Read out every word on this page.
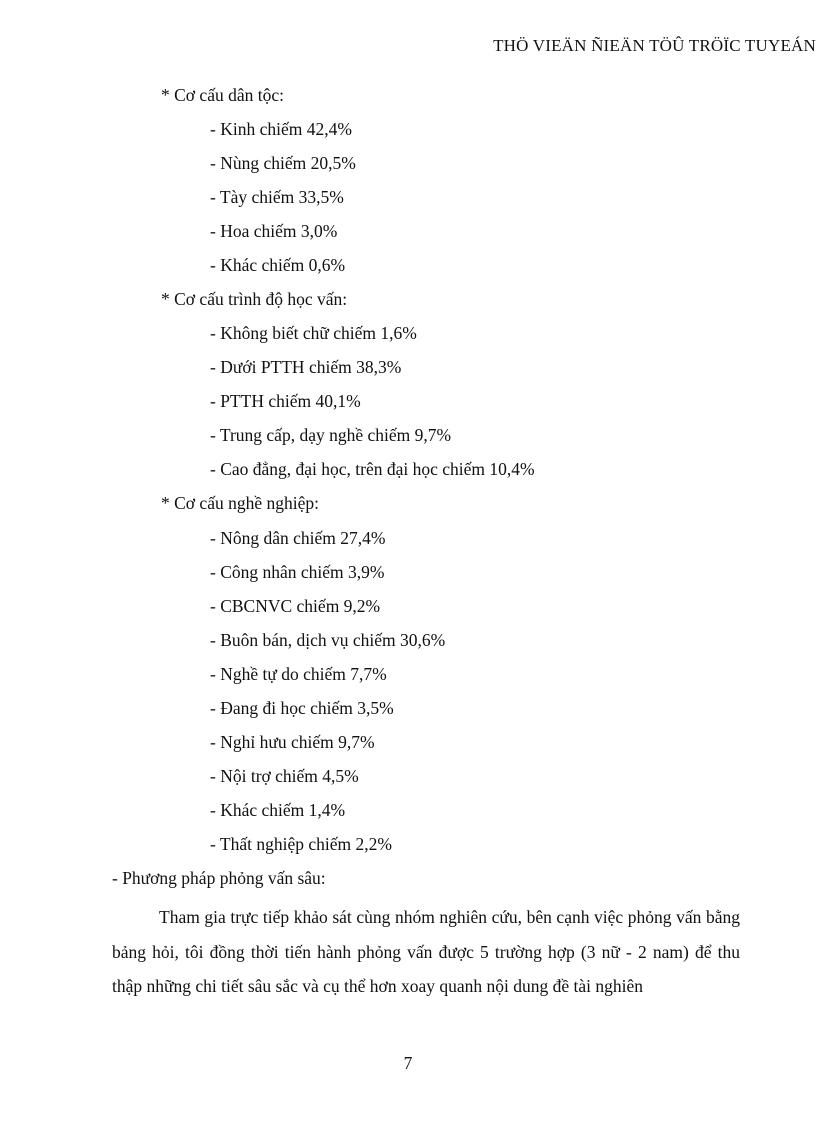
THÖ VIEÄN ÑIEÄN TÖÛ TRÖÏC TUYEÁN
* Cơ cấu dân tộc:
- Kinh chiếm 42,4%
- Nùng chiếm 20,5%
- Tày chiếm 33,5%
- Hoa chiếm 3,0%
- Khác chiếm 0,6%
* Cơ cấu trình độ học vấn:
- Không biết chữ chiếm 1,6%
- Dưới PTTH chiếm 38,3%
- PTTH chiếm 40,1%
- Trung cấp, dạy nghề chiếm 9,7%
- Cao đẳng, đại học, trên đại học chiếm 10,4%
* Cơ cấu nghề nghiệp:
- Nông dân chiếm 27,4%
- Công nhân chiếm 3,9%
- CBCNVC chiếm 9,2%
- Buôn bán, dịch vụ chiếm 30,6%
- Nghề tự do chiếm 7,7%
- Đang đi học chiếm 3,5%
- Nghỉ hưu chiếm 9,7%
- Nội trợ chiếm 4,5%
- Khác chiếm 1,4%
- Thất nghiệp chiếm 2,2%
- Phương pháp phỏng vấn sâu:
Tham gia trực tiếp khảo sát cùng nhóm nghiên cứu, bên cạnh việc phỏng vấn bằng bảng hỏi, tôi đồng thời tiến hành phỏng vấn được 5 trường hợp (3 nữ - 2 nam) để thu thập những chi tiết sâu sắc và cụ thể hơn xoay quanh nội dung đề tài nghiên
7
